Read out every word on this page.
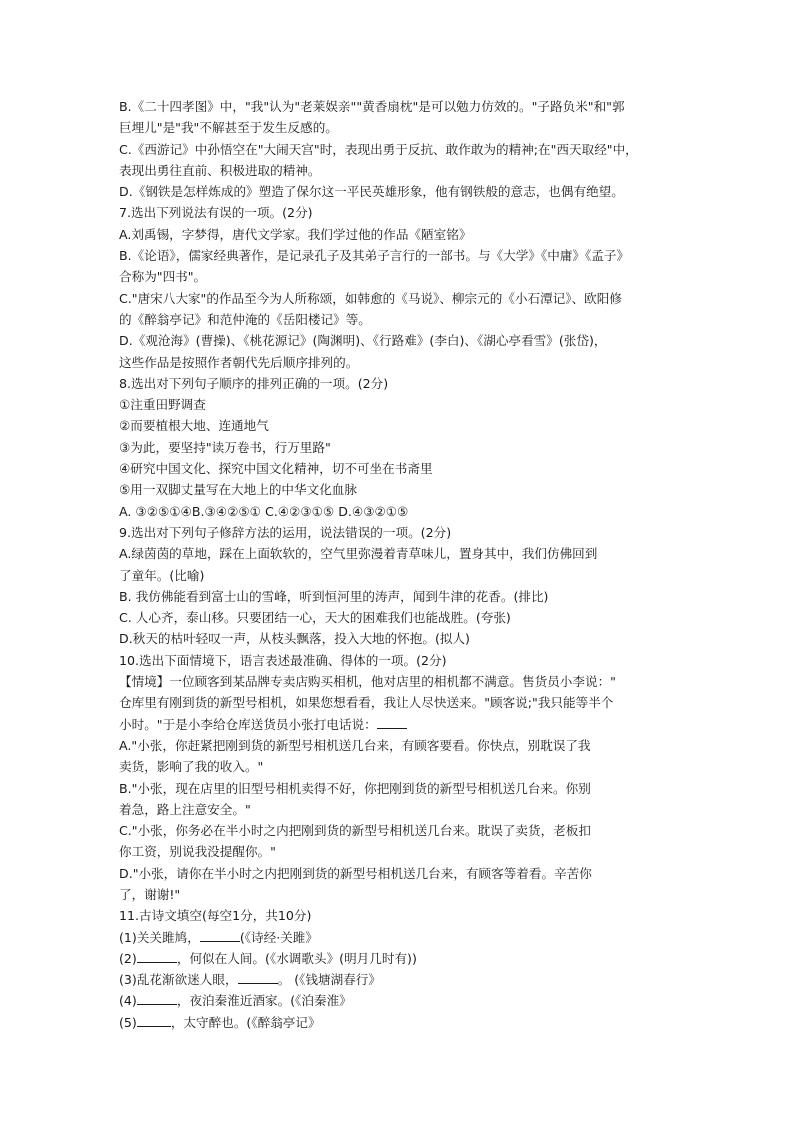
B.《二十四孝图》中，"我"认为"老莱娱亲""黄香扇枕"是可以勉力仿效的。"子路负米"和"郭
巨埋儿"是"我"不解甚至于发生反感的。
C.《西游记》中孙悟空在"大闹天宫"时，表现出勇于反抗、敢作敢为的精神;在"西天取经"中，
表现出勇往直前、积极进取的精神。
D.《钢铁是怎样炼成的》塑造了保尔这一平民英雄形象，他有钢铁般的意志，也偶有绝望。
7.选出下列说法有误的一项。(2分)
A.刘禹锡，字梦得，唐代文学家。我们学过他的作品《陋室铭》
B.《论语》，儒家经典著作，是记录孔子及其弟子言行的一部书。与《大学》《中庸》《孟子》
合称为"四书"。
C."唐宋八大家"的作品至今为人所称颂，如韩愈的《马说》、柳宗元的《小石潭记》、欧阳修
的《醉翁亭记》和范仲淹的《岳阳楼记》等。
D.《观沧海》(曹操)、《桃花源记》(陶渊明)、《行路难》(李白)、《湖心亭看雪》(张岱)，
这些作品是按照作者朝代先后顺序排列的。
8.选出对下列句子顺序的排列正确的一项。(2分)
①注重田野调查
②而要植根大地、连通地气
③为此，要坚持"读万卷书，行万里路"
④研究中国文化、探究中国文化精神，切不可坐在书斋里
⑤用一双脚丈量写在大地上的中华文化血脉
A. ③②⑤①④B.③④②⑤① C.④②③①⑤ D.④③②①⑤
9.选出对下列句子修辞方法的运用，说法错误的一项。(2分)
A.绿茵茵的草地，踩在上面软软的，空气里弥漫着青草味儿，置身其中，我们仿佛回到
了童年。(比喻)
B. 我仿佛能看到富士山的雪峰，听到恒河里的涛声，闻到牛津的花香。(排比)
C. 人心齐，泰山移。只要团结一心，天大的困难我们也能战胜。(夸张)
D.秋天的枯叶轻叹一声，从枝头飘落，投入大地的怀抱。(拟人)
10.选出下面情境下，语言表述最准确、得体的一项。(2分)
【情境】一位顾客到某品牌专卖店购买相机，他对店里的相机都不满意。售货员小李说："
仓库里有刚到货的新型号相机，如果您想看看，我让人尽快送来。"顾客说;"我只能等半个
小时。"于是小李给仓库送货员小张打电话说：
A."小张，你赶紧把刚到货的新型号相机送几台来，有顾客要看。你快点，别耽误了我
卖货，影响了我的收入。"
B."小张，现在店里的旧型号相机卖得不好，你把刚到货的新型号相机送几台来。你别
着急，路上注意安全。"
C."小张，你务必在半小时之内把刚到货的新型号相机送几台来。耽误了卖货，老板扣
你工资，别说我没提醒你。"
D."小张，请你在半小时之内把刚到货的新型号相机送几台来，有顾客等着看。辛苦你
了，谢谢!"
11.古诗文填空(每空1分，共10分)
(1)关关雎鸠，	(《诗经·关雎》
(2)	，何似在人间。(《水调歌头》(明月几时有))
(3)乱花渐欲迷人眼，	。 (《钱塘湖春行》
(4)	，夜泊秦淮近酒家。(《泊秦淮》
(5)	，太守醉也。(《醉翁亭记》
